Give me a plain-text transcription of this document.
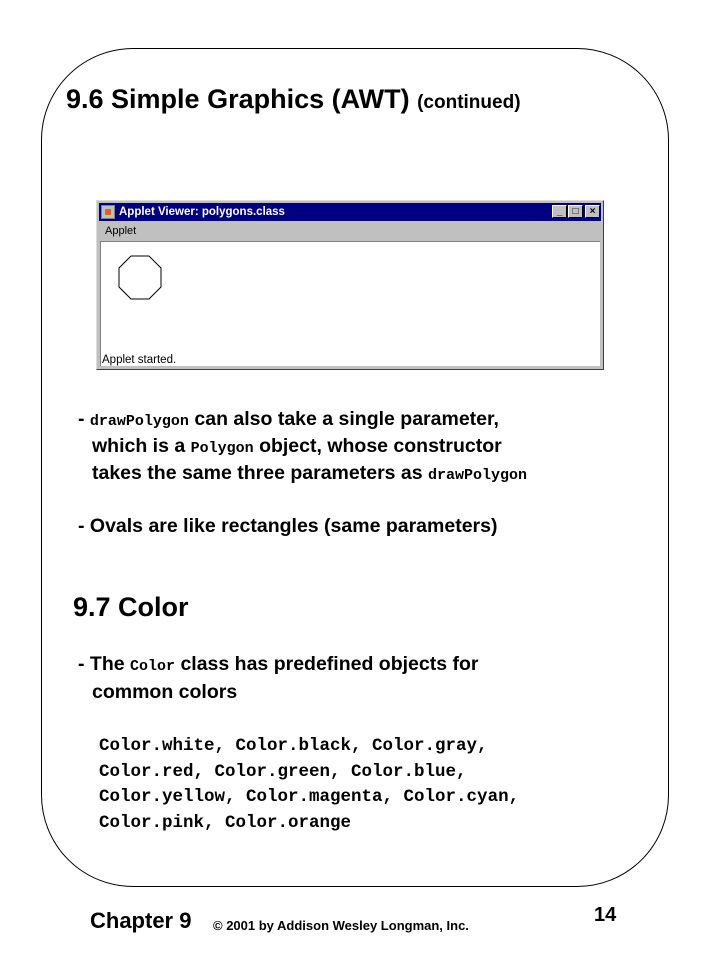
9.6 Simple Graphics (AWT) (continued)
Applet Viewer: polygons.class	_	□	×
Applet
Applet started.
- drawPolygon can also take a single parameter,
which is a Polygon object, whose constructor
takes the same three parameters as drawPolygon
- Ovals are like rectangles (same parameters)
9.7 Color
- The Color class has predefined objects for
common colors
Color.white, Color.black, Color.gray,
Color.red, Color.green, Color.blue,
Color.yellow, Color.magenta, Color.cyan,
Color.pink, Color.orange
Chapter 9 © 2001 by Addison Wesley Longman, Inc.	14
